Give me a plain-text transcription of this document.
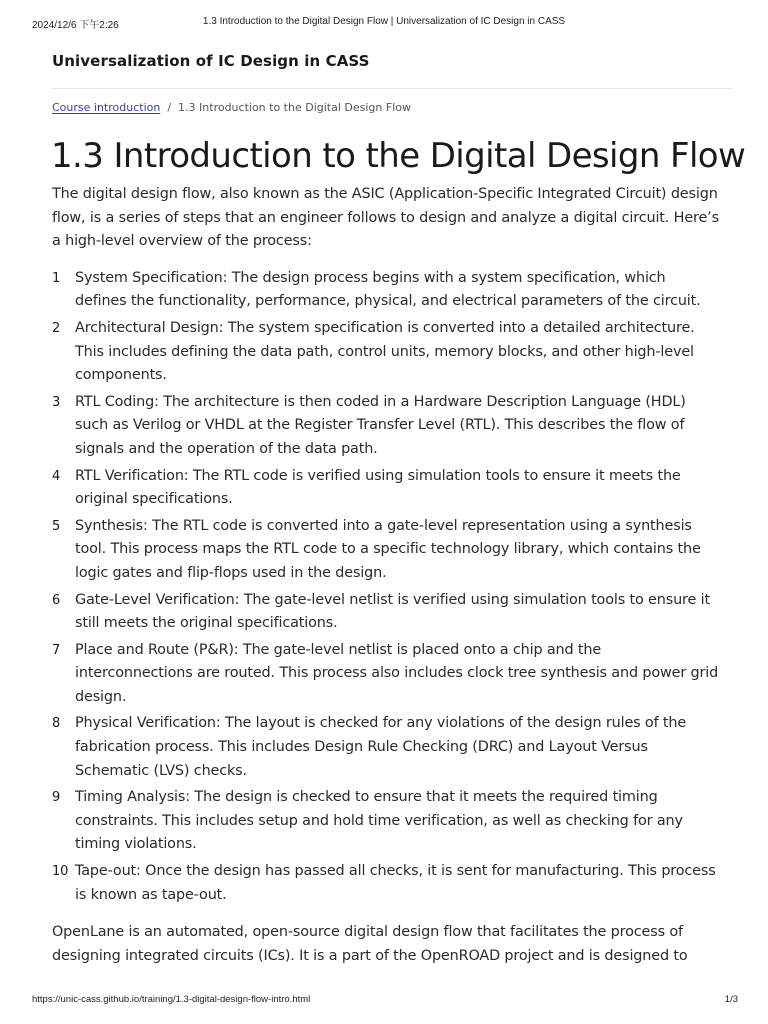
2024/12/6 下午2:26	1.3 Introduction to the Digital Design Flow | Universalization of IC Design in CASS
Universalization of IC Design in CASS
Course introduction / 1.3 Introduction to the Digital Design Flow
1.3 Introduction to the Digital Design Flow

The digital design flow, also known as the ASIC (Application-Specific Integrated Circuit) design flow, is a series of steps that an engineer follows to design and analyze a digital circuit. Here’s a high-level overview of the process:

1 System Specification: The design process begins with a system specification, which defines the functionality, performance, physical, and electrical parameters of the circuit.
2 Architectural Design: The system specification is converted into a detailed architecture. This includes defining the data path, control units, memory blocks, and other high-level components.
3 RTL Coding: The architecture is then coded in a Hardware Description Language (HDL) such as Verilog or VHDL at the Register Transfer Level (RTL). This describes the flow of signals and the operation of the data path.
4 RTL Verification: The RTL code is verified using simulation tools to ensure it meets the original specifications.
5 Synthesis: The RTL code is converted into a gate-level representation using a synthesis tool. This process maps the RTL code to a specific technology library, which contains the logic gates and flip-flops used in the design.
6 Gate-Level Verification: The gate-level netlist is verified using simulation tools to ensure it still meets the original specifications.
7 Place and Route (P&R): The gate-level netlist is placed onto a chip and the interconnections are routed. This process also includes clock tree synthesis and power grid design.
8 Physical Verification: The layout is checked for any violations of the design rules of the fabrication process. This includes Design Rule Checking (DRC) and Layout Versus Schematic (LVS) checks.
9 Timing Analysis: The design is checked to ensure that it meets the required timing constraints. This includes setup and hold time verification, as well as checking for any timing violations.
10 Tape-out: Once the design has passed all checks, it is sent for manufacturing. This process is known as tape-out.

OpenLane is an automated, open-source digital design flow that facilitates the process of designing integrated circuits (ICs). It is a part of the OpenROAD project and is designed to

https://unic-cass.github.io/training/1.3-digital-design-flow-intro.html	1/3
